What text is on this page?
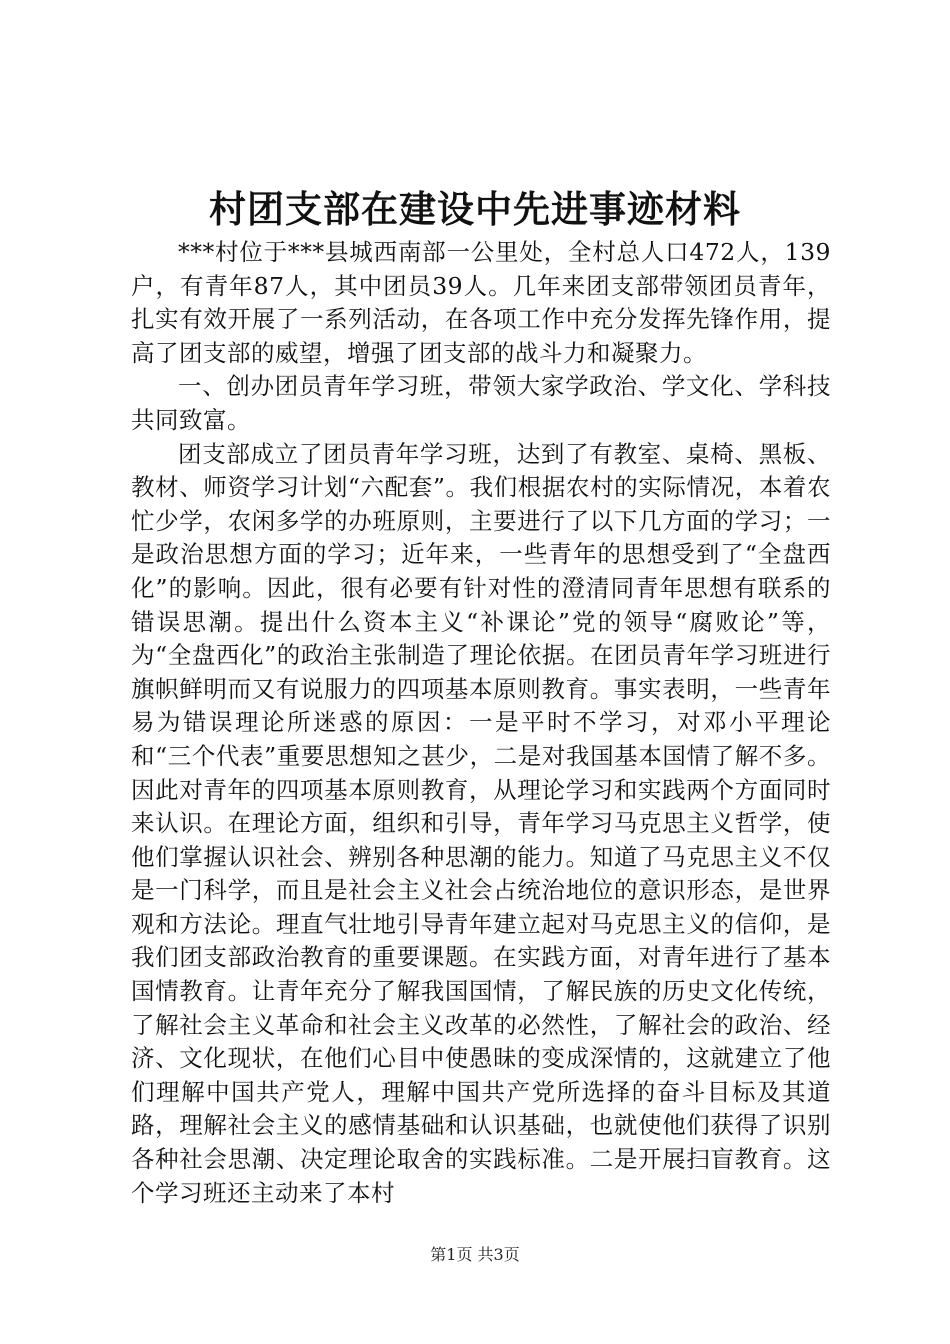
村团支部在建设中先进事迹材料

***村位于***县城西南部一公里处，全村总人口472人，139户，有青年87人，其中团员39人。几年来团支部带领团员青年，扎实有效开展了一系列活动，在各项工作中充分发挥先锋作用，提高了团支部的威望，增强了团支部的战斗力和凝聚力。

一、创办团员青年学习班，带领大家学政治、学文化、学科技共同致富。

团支部成立了团员青年学习班，达到了有教室、桌椅、黑板、教材、师资学习计划“六配套”。我们根据农村的实际情况，本着农忙少学，农闲多学的办班原则，主要进行了以下几方面的学习；一是政治思想方面的学习；近年来，一些青年的思想受到了“全盘西化”的影响。因此，很有必要有针对性的澄清同青年思想有联系的错误思潮。提出什么资本主义“补课论”党的领导“腐败论”等，为“全盘西化”的政治主张制造了理论依据。在团员青年学习班进行旗帜鲜明而又有说服力的四项基本原则教育。事实表明，一些青年易为错误理论所迷惑的原因：一是平时不学习，对邓小平理论和“三个代表”重要思想知之甚少，二是对我国基本国情了解不多。因此对青年的四项基本原则教育，从理论学习和实践两个方面同时来认识。在理论方面，组织和引导，青年学习马克思主义哲学，使他们掌握认识社会、辨别各种思潮的能力。知道了马克思主义不仅是一门科学，而且是社会主义社会占统治地位的意识形态，是世界观和方法论。理直气壮地引导青年建立起对马克思主义的信仰，是我们团支部政治教育的重要课题。在实践方面，对青年进行了基本国情教育。让青年充分了解我国国情，了解民族的历史文化传统，了解社会主义革命和社会主义改革的必然性，了解社会的政治、经济、文化现状，在他们心目中使愚昧的变成深情的，这就建立了他们理解中国共产党人，理解中国共产党所选择的奋斗目标及其道路，理解社会主义的感情基础和认识基础，也就使他们获得了识别各种社会思潮、决定理论取舍的实践标准。二是开展扫盲教育。这个学习班还主动来了本村

第1页 共3页
